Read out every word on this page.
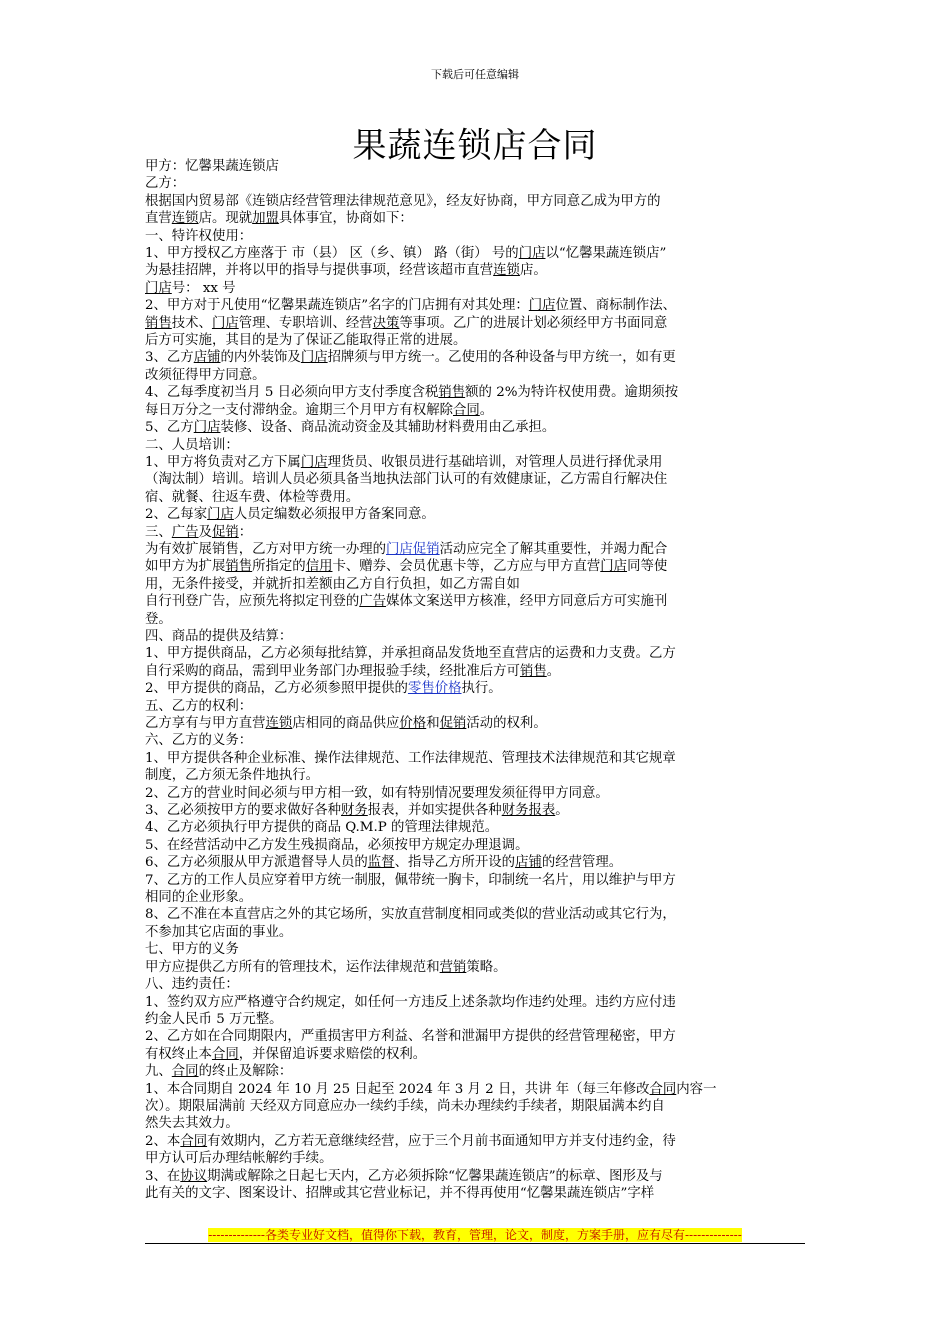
下载后可任意编辑
果蔬连锁店合同

甲方：忆馨果蔬连锁店

乙方：

根据国内贸易部《连锁店经营管理法律规范意见》，经友好协商，甲方同意乙成为甲方的

直营连锁店。现就加盟具体事宜，协商如下：

一、特许权使用：

1、甲方授权乙方座落于 市（县） 区（乡、镇） 路（街） 号的门店以“忆馨果蔬连锁店”

为悬挂招牌，并将以甲的指导与提供事项，经营该超市直营连锁店。

门店号： xx 号

2、甲方对于凡使用“忆馨果蔬连锁店”名字的门店拥有对其处理：门店位置、商标制作法、

销售技术、门店管理、专职培训、经营决策等事项。乙广的进展计划必须经甲方书面同意

后方可实施，其目的是为了保证乙能取得正常的进展。

3、乙方店铺的内外装饰及门店招牌须与甲方统一。乙使用的各种设备与甲方统一，如有更

改须征得甲方同意。

4、乙每季度初当月 5 日必须向甲方支付季度含税销售额的 2%为特许权使用费。逾期须按

每日万分之一支付滞纳金。逾期三个月甲方有权解除合同。

5、乙方门店装修、设备、商品流动资金及其辅助材料费用由乙承担。

二、人员培训：

1、甲方将负责对乙方下属门店理货员、收银员进行基础培训，对管理人员进行择优录用

（淘汰制）培训。培训人员必须具备当地执法部门认可的有效健康证，乙方需自行解决住

宿、就餐、往返车费、体检等费用。

2、乙每家门店人员定编数必须报甲方备案同意。

三、广告及促销：

为有效扩展销售，乙方对甲方统一办理的门店促销活动应完全了解其重要性，并竭力配合

如甲方为扩展销售所指定的信用卡、赠券、会员优惠卡等，乙方应与甲方直营门店同等使

用，无条件接受，并就折扣差额由乙方自行负担，如乙方需自如

自行刊登广告，应预先将拟定刊登的广告媒体文案送甲方核准，经甲方同意后方可实施刊

登。

四、商品的提供及结算：

1、甲方提供商品，乙方必须每批结算，并承担商品发货地至直营店的运费和力支费。乙方

自行采购的商品，需到甲业务部门办理报验手续，经批准后方可销售。

2、甲方提供的商品，乙方必须参照甲提供的零售价格执行。

五、乙方的权利：

乙方享有与甲方直营连锁店相同的商品供应价格和促销活动的权利。

六、乙方的义务：

1、甲方提供各种企业标准、操作法律规范、工作法律规范、管理技术法律规范和其它规章

制度，乙方须无条件地执行。

2、乙方的营业时间必须与甲方相一致，如有特别情况要理发须征得甲方同意。

3、乙必须按甲方的要求做好各种财务报表，并如实提供各种财务报表。

4、乙方必须执行甲方提供的商品 Q.M.P 的管理法律规范。

5、在经营活动中乙方发生残损商品，必须按甲方规定办理退调。

6、乙方必须服从甲方派遣督导人员的监督、指导乙方所开设的店铺的经营管理。

7、乙方的工作人员应穿着甲方统一制服，佩带统一胸卡，印制统一名片，用以维护与甲方

相同的企业形象。

8、乙不准在本直营店之外的其它场所，实放直营制度相同或类似的营业活动或其它行为，

不参加其它店面的事业。

七、甲方的义务

甲方应提供乙方所有的管理技术，运作法律规范和营销策略。

八、违约责任：

1、签约双方应严格遵守合约规定，如任何一方违反上述条款均作违约处理。违约方应付违

约金人民币 5 万元整。

2、乙方如在合同期限内，严重损害甲方利益、名誉和泄漏甲方提供的经营管理秘密，甲方

有权终止本合同，并保留追诉要求赔偿的权利。

九、合同的终止及解除：

1、本合同期自 2024 年 10 月 25 日起至 2024 年 3 月 2 日，共讲 年（每三年修改合同内容一

次）。期限届满前 天经双方同意应办一续约手续，尚未办理续约手续者，期限届满本约自

然失去其效力。

2、本合同有效期内，乙方若无意继续经营，应于三个月前书面通知甲方并支付违约金，待

甲方认可后办理结帐解约手续。

3、在协议期满或解除之日起七天内，乙方必须拆除“忆馨果蔬连锁店”的标章、图形及与

此有关的文字、图案设计、招牌或其它营业标记，并不得再使用“忆馨果蔬连锁店”字样

--------------各类专业好文档，值得你下载，教育，管理，论文，制度，方案手册，应有尽有--------------
